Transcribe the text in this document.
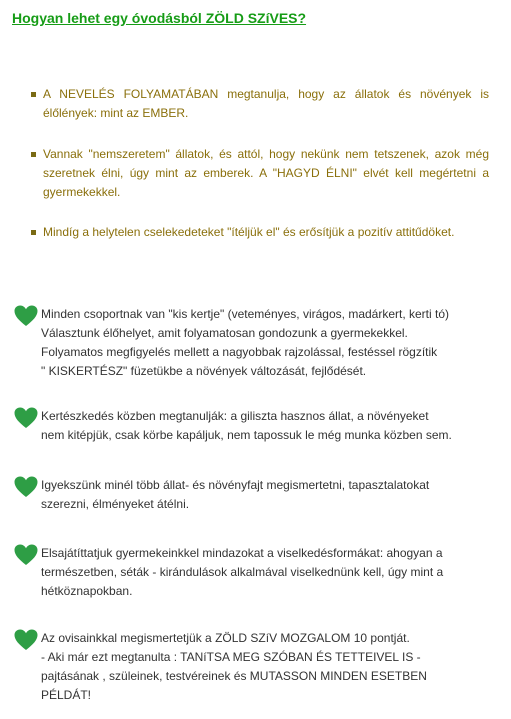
Hogyan lehet egy óvodásból ZÖLD SZíVES?
A NEVELÉS FOLYAMATÁBAN megtanulja, hogy az állatok és növények is élőlények: mint az EMBER.
Vannak "nemszeretem" állatok, és attól, hogy nekünk nem tetszenek, azok még szeretnek élni, úgy mint az emberek. A "HAGYD ÉLNI" elvét kell megértetni a gyermekekkel.
Mindíg a helytelen cselekedeteket "ítéljük el" és erősítjük a pozitív attitűdöket.
Minden csoportnak van "kis kertje" (veteményes, virágos, madárkert, kerti tó)
Választunk élőhelyet, amit folyamatosan gondozunk a gyermekekkel.
Folyamatos megfigyelés mellett a nagyobbak rajzolással, festéssel rögzítik
" KISKERTÉSZ" füzetükbe a növények változását, fejlődését.
Kertészkedés közben megtanulják: a giliszta hasznos állat, a növényeket
nem kitépjük, csak körbe kapáljuk, nem tapossuk le még munka közben sem.
Igyekszünk minél több állat- és növényfajt megismertetni, tapasztalatokat
szerezni, élményeket átélni.
Elsajátíttatjuk gyermekeinkkel mindazokat a viselkedésformákat: ahogyan a
természetben, séták - kirándulások alkalmával viselkednünk kell, úgy mint a
hétköznapokban.
Az ovisainkkal megismertetjük a ZÖLD SZíV MOZGALOM 10 pontját.
- Aki már ezt megtanulta : TANíTSA MEG SZÓBAN ÉS TETTEIVEL IS -
pajtásának , szüleinek, testvéreinek és MUTASSON MINDEN ESETBEN
PÉLDÁT!
